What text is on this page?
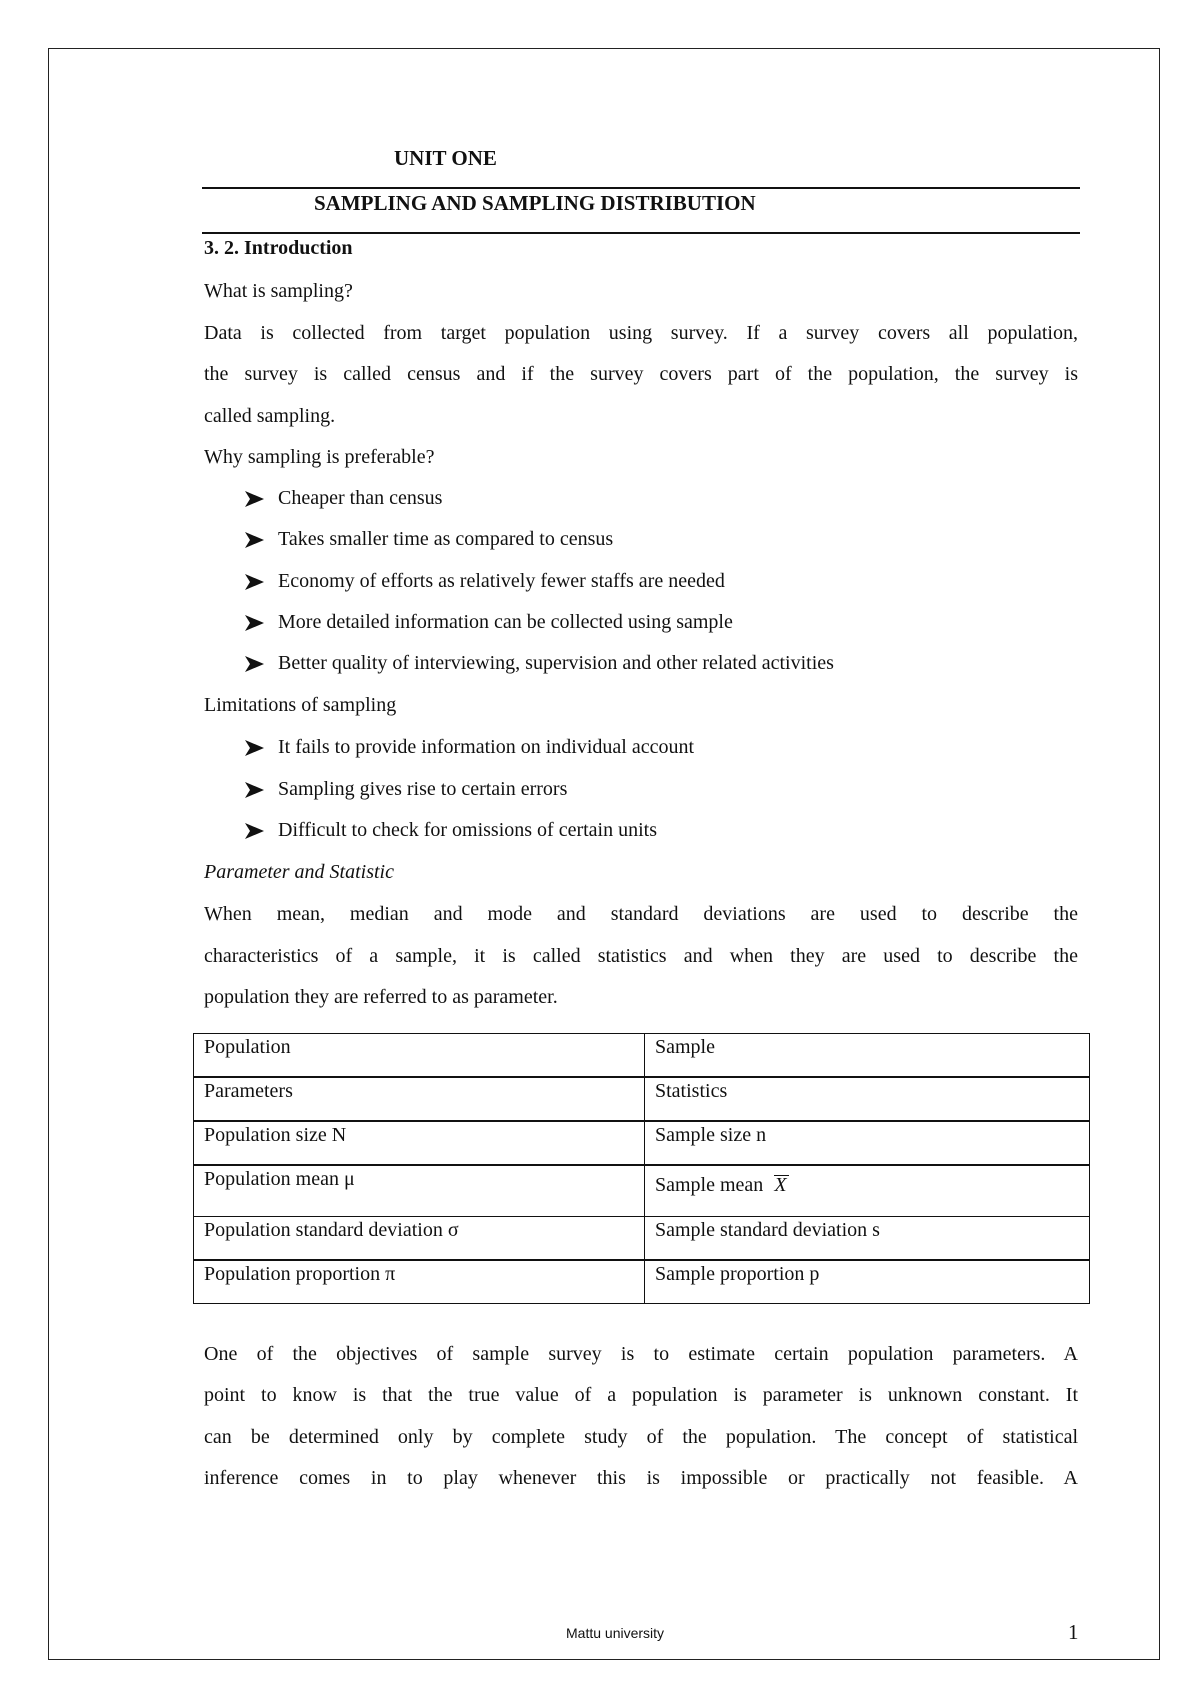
UNIT ONE
SAMPLING AND SAMPLING DISTRIBUTION
3. 2. Introduction
What is sampling?
Data is collected from target population using survey. If a survey covers all population,
the survey is called census and if the survey covers part of the population, the survey is
called sampling.
Why sampling is preferable?
Cheaper than census
Takes smaller time as compared to census
Economy of efforts as relatively fewer staffs are needed
More detailed information can be collected using sample
Better quality of interviewing, supervision and other related activities
Limitations of sampling
It fails to provide information on individual account
Sampling gives rise to certain errors
Difficult to check for omissions of certain units
Parameter and Statistic
When mean, median and mode and standard deviations are used to describe the
characteristics of a sample, it is called statistics and when they are used to describe the
population they are referred to as parameter.
Population	Sample
Parameters	Statistics
Population size N	Sample size n
Population mean μ	Sample mean X
Population standard deviation σ	Sample standard deviation s
Population proportion π	Sample proportion p
One of the objectives of sample survey is to estimate certain population parameters. A
point to know is that the true value of a population is parameter is unknown constant. It
can be determined only by complete study of the population. The concept of statistical
inference comes in to play whenever this is impossible or practically not feasible. A
Mattu university	1
